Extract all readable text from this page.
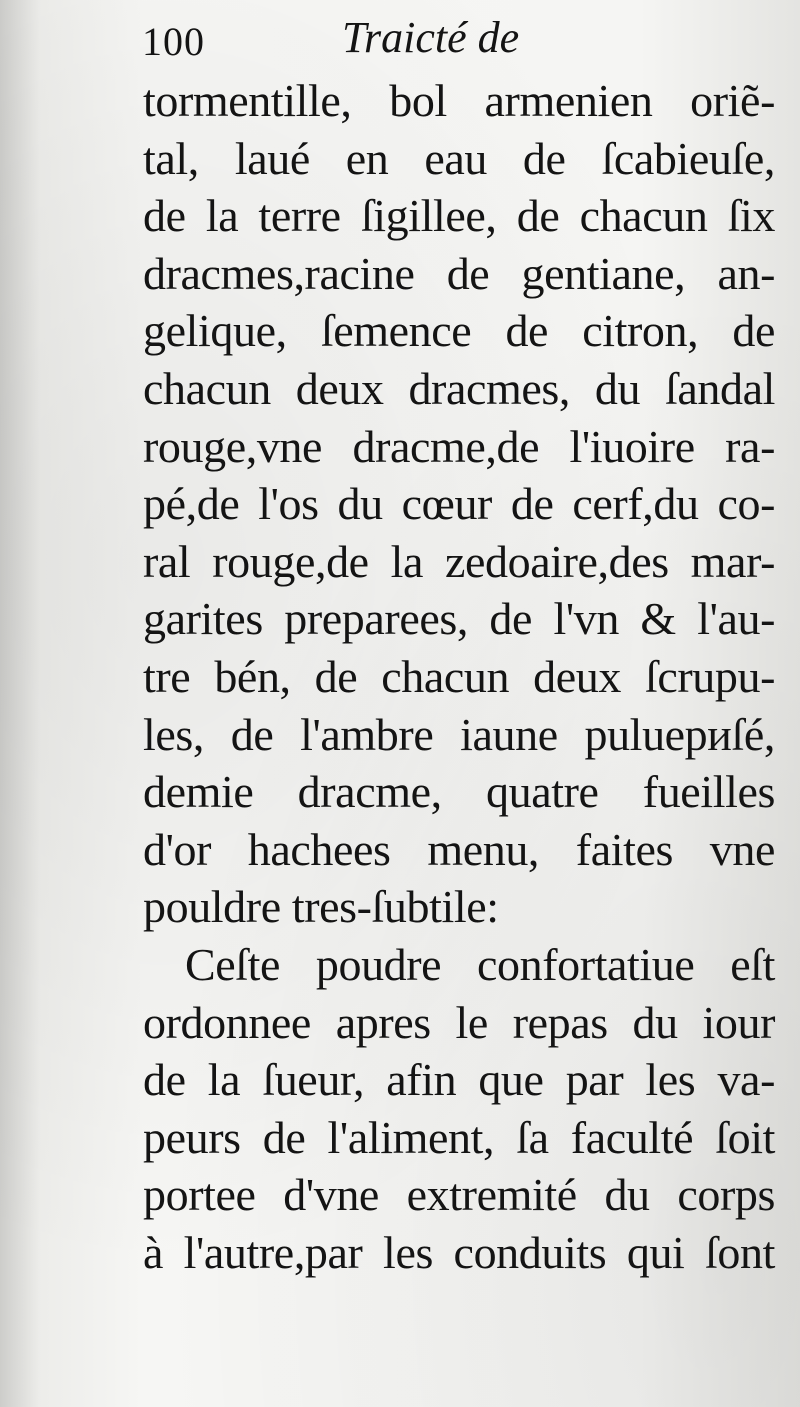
100	Traicté de
tormentille, bol armenien oriẽ-
tal, laué en eau de ſcabieuſe,
de la terre ſigillee, de chacun ſix
dracmes,racine de gentiane, an-
gelique, ſemence de citron, de
chacun deux dracmes, du ſandal
rouge,vne dracme,de l'iuoire ra-
pé,de l'os du cœur de cerf,du co-
ral rouge,de la zedoaire,des mar-
garites preparees, de l'vn & l'au-
tre bén, de chacun deux ſcrupu-
les, de l'ambre iaune puluериſé,
demie dracme, quatre fueilles
d'or hachees menu, faites vne
pouldre tres-ſubtile:
Ceſte poudre confortatiue eſt
ordonnee apres le repas du iour
de la ſueur, afin que par les va-
peurs de l'aliment, ſa faculté ſoit
portee d'vne extremité du corps
à l'autre,par les conduits qui ſont
